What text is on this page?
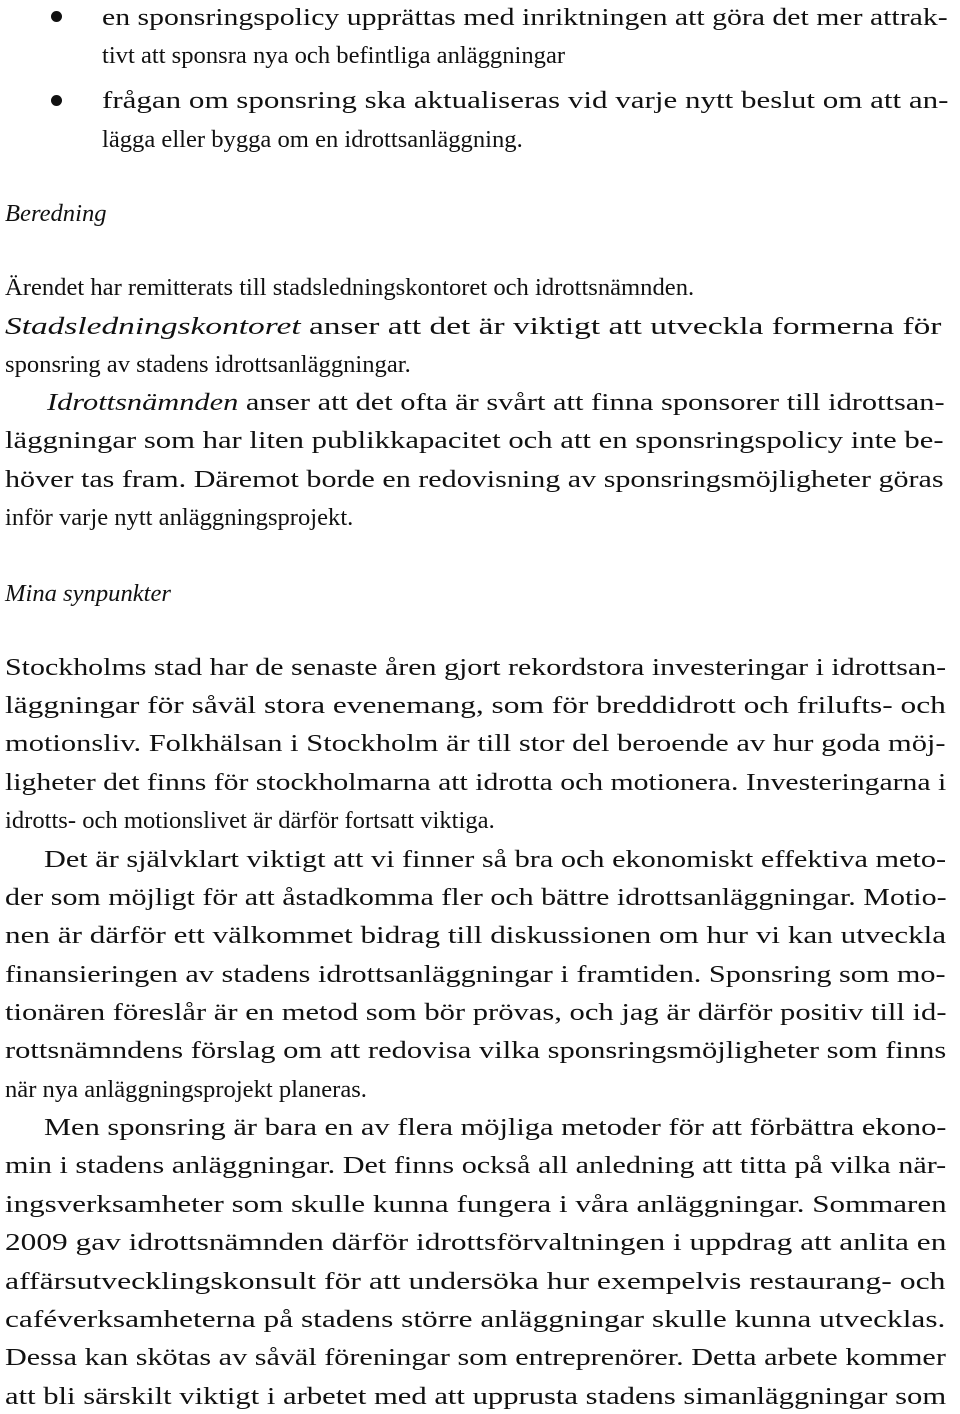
en sponsringspolicy upprättas med inriktningen att göra det mer attrak-
tivt att sponsra nya och befintliga anläggningar
frågan om sponsring ska aktualiseras vid varje nytt beslut om att an-
lägga eller bygga om en idrottsanläggning.
Beredning
Ärendet har remitterats till stadsledningskontoret och idrottsnämnden.
Stadsledningskontoret anser att det är viktigt att utveckla formerna för
sponsring av stadens idrottsanläggningar.
Idrottsnämnden anser att det ofta är svårt att finna sponsorer till idrottsan-
läggningar som har liten publikkapacitet och att en sponsringspolicy inte be-
höver tas fram. Däremot borde en redovisning av sponsringsmöjligheter göras
inför varje nytt anläggningsprojekt.
Mina synpunkter
Stockholms stad har de senaste åren gjort rekordstora investeringar i idrottsan-
läggningar för såväl stora evenemang, som för breddidrott och frilufts- och
motionsliv. Folkhälsan i Stockholm är till stor del beroende av hur goda möj-
ligheter det finns för stockholmarna att idrotta och motionera. Investeringarna i
idrotts- och motionslivet är därför fortsatt viktiga.
Det är självklart viktigt att vi finner så bra och ekonomiskt effektiva meto-
der som möjligt för att åstadkomma fler och bättre idrottsanläggningar. Motio-
nen är därför ett välkommet bidrag till diskussionen om hur vi kan utveckla
finansieringen av stadens idrottsanläggningar i framtiden. Sponsring som mo-
tionären föreslår är en metod som bör prövas, och jag är därför positiv till id-
rottsnämndens förslag om att redovisa vilka sponsringsmöjligheter som finns
när nya anläggningsprojekt planeras.
Men sponsring är bara en av flera möjliga metoder för att förbättra ekono-
min i stadens anläggningar. Det finns också all anledning att titta på vilka när-
ingsverksamheter som skulle kunna fungera i våra anläggningar. Sommaren
2009 gav idrottsnämnden därför idrottsförvaltningen i uppdrag att anlita en
affärsutvecklingskonsult för att undersöka hur exempelvis restaurang- och
caféverksamheterna på stadens större anläggningar skulle kunna utvecklas.
Dessa kan skötas av såväl föreningar som entreprenörer. Detta arbete kommer
att bli särskilt viktigt i arbetet med att upprusta stadens simanläggningar som
